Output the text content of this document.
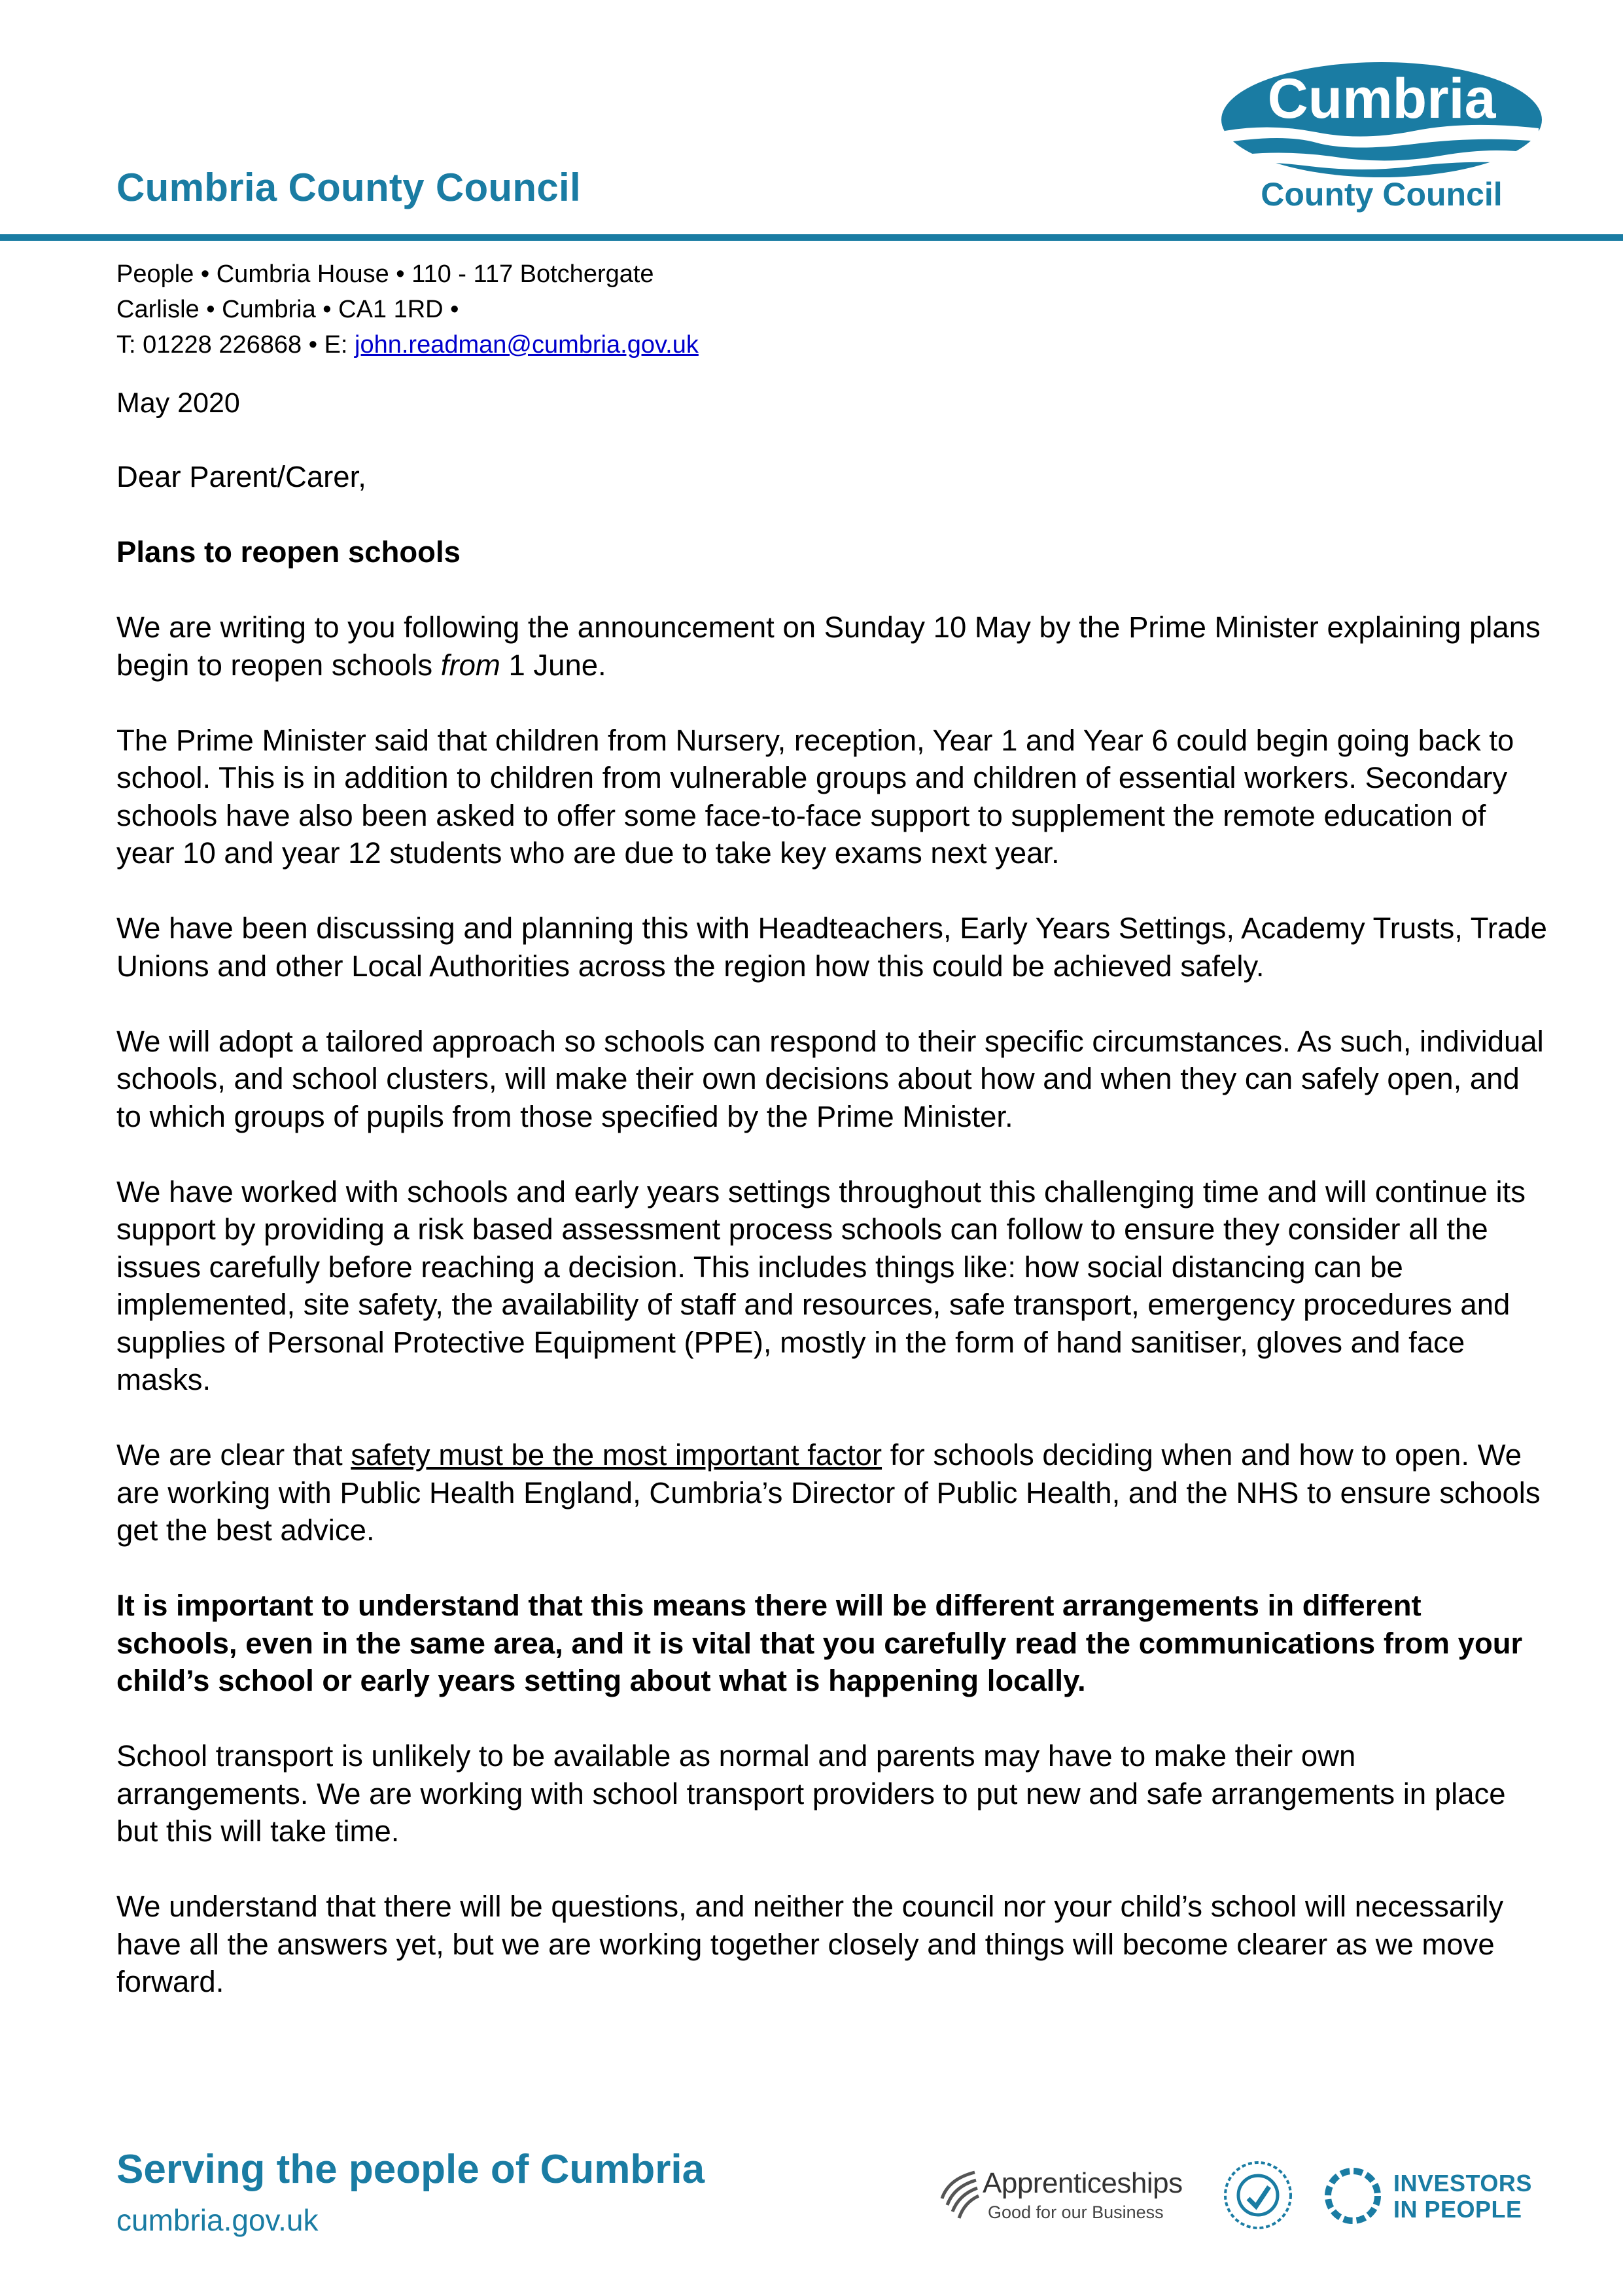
Cumbria County Council
Cumbria
County Council
People • Cumbria House • 110 - 117 Botchergate
Carlisle • Cumbria • CA1 1RD •
T: 01228 226868 • E: john.readman@cumbria.gov.uk
May 2020

Dear Parent/Carer,

Plans to reopen schools

We are writing to you following the announcement on Sunday 10 May by the Prime Minister explaining plans begin to reopen schools from 1 June.

The Prime Minister said that children from Nursery, reception, Year 1 and Year 6 could begin going back to school. This is in addition to children from vulnerable groups and children of essential workers. Secondary schools have also been asked to offer some face-to-face support to supplement the remote education of year 10 and year 12 students who are due to take key exams next year.

We have been discussing and planning this with Headteachers, Early Years Settings, Academy Trusts, Trade Unions and other Local Authorities across the region how this could be achieved safely.

We will adopt a tailored approach so schools can respond to their specific circumstances. As such, individual schools, and school clusters, will make their own decisions about how and when they can safely open, and to which groups of pupils from those specified by the Prime Minister.

We have worked with schools and early years settings throughout this challenging time and will continue its support by providing a risk based assessment process schools can follow to ensure they consider all the issues carefully before reaching a decision. This includes things like: how social distancing can be implemented, site safety, the availability of staff and resources, safe transport, emergency procedures and supplies of Personal Protective Equipment (PPE), mostly in the form of hand sanitiser, gloves and face masks.

We are clear that safety must be the most important factor for schools deciding when and how to open. We are working with Public Health England, Cumbria’s Director of Public Health, and the NHS to ensure schools get the best advice.

It is important to understand that this means there will be different arrangements in different schools, even in the same area, and it is vital that you carefully read the communications from your child’s school or early years setting about what is happening locally.

School transport is unlikely to be available as normal and parents may have to make their own arrangements. We are working with school transport providers to put new and safe arrangements in place but this will take time.

We understand that there will be questions, and neither the council nor your child’s school will necessarily have all the answers yet, but we are working together closely and things will become clearer as we move forward.

Serving the people of Cumbria
cumbria.gov.uk
Apprenticeships
Good for our Business
INVESTORS
IN PEOPLE
